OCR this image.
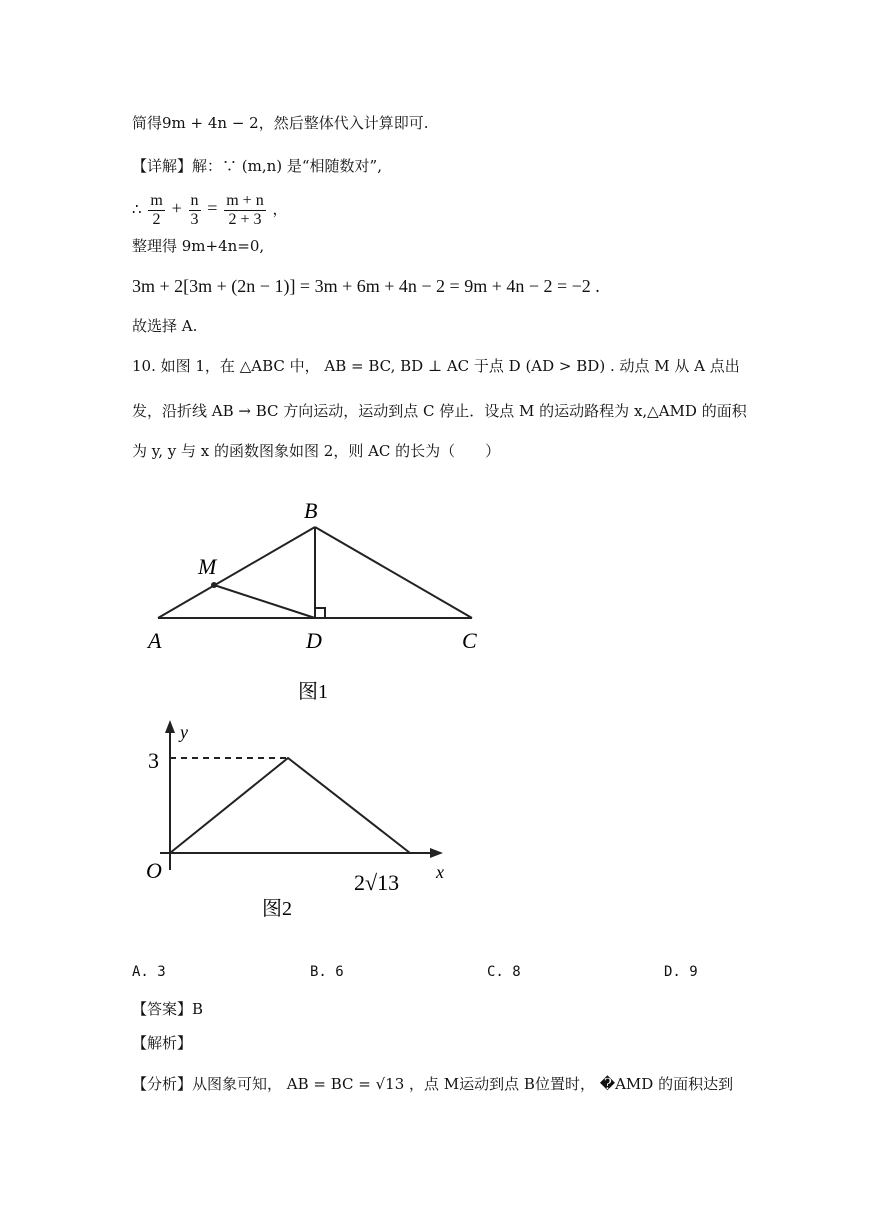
简得9m + 4n − 2，然后整体代入计算即可.
【详解】解：∵ (m,n) 是“相随数对”,
∴ $\frac{m}{2} + \frac{n}{3} = \frac{m + n}{2 + 3}$ ，
整理得 9m+4n=0,
3m + 2[3m + (2n − 1)] = 3m + 6m + 4n − 2 = 9m + 4n − 2 = −2 .
故选择 A.
10. 如图 1，在 △ABC 中， AB = BC, BD ⊥ AC 于点 D (AD > BD) . 动点 M 从 A 点出
发，沿折线 AB → BC 方向运动，运动到点 C 停止．设点 M 的运动路程为 x,△AMD 的面积
为 y, y 与 x 的函数图象如图 2，则 AC 的长为（　　）
A
B
C
D
M
图1
y
x
O
3
2√13
图2
A. 3	B. 6	C. 8	D. 9
【答案】B
【解析】
【分析】从图象可知， AB = BC = √13 ，点 M运动到点 B位置时， �AMD 的面积达到
